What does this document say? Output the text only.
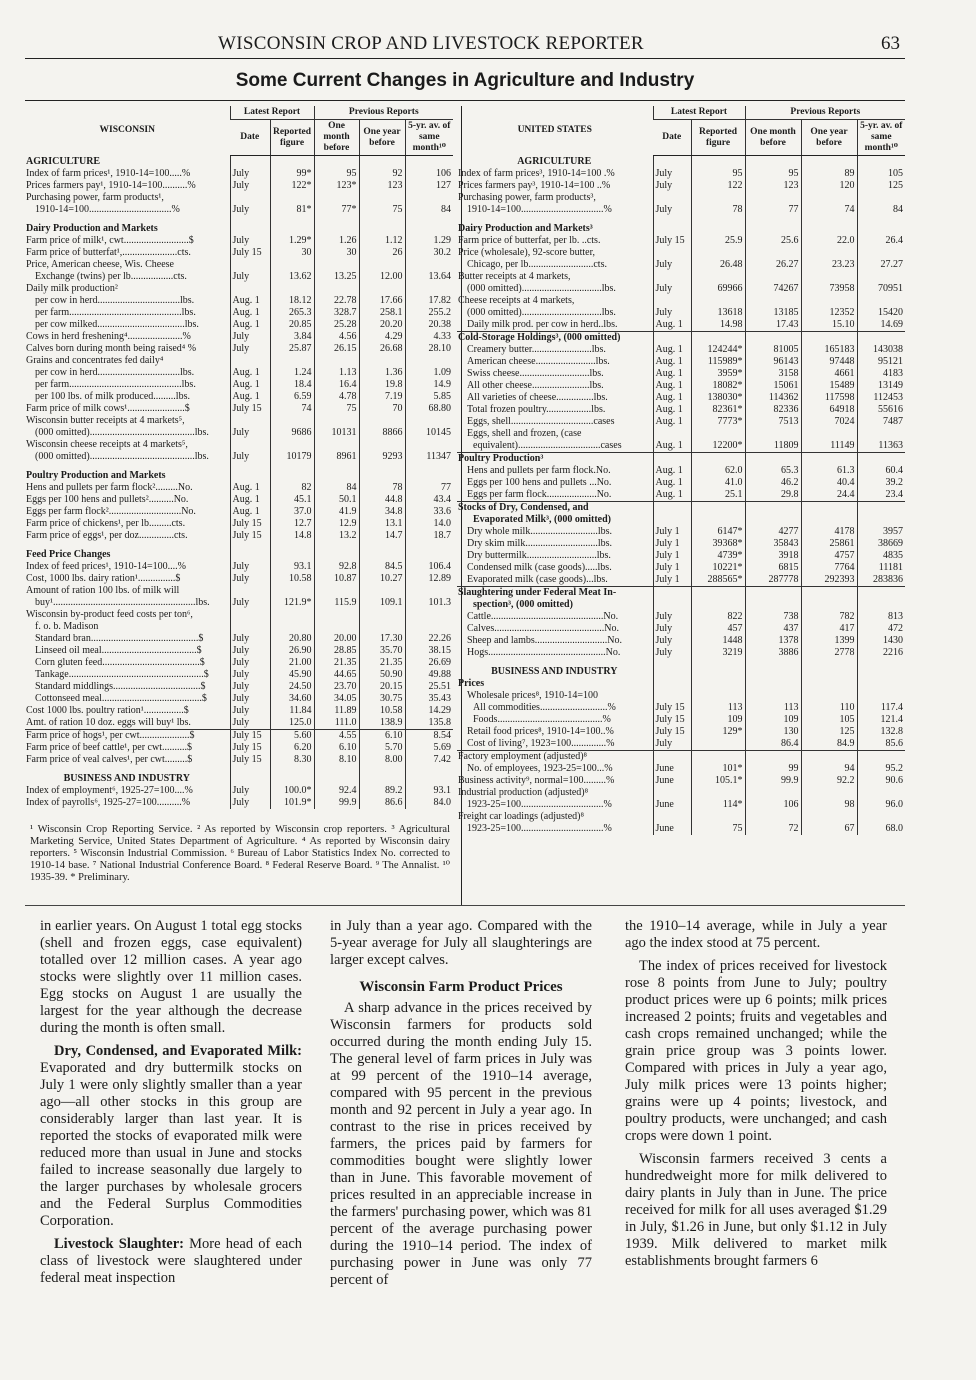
WISCONSIN CROP AND LIVESTOCK REPORTER	63
Some Current Changes in Agriculture and Industry
WISCONSIN	Latest Report		Previous Reports		
	Date	Reported figure	One month before	One year before	5-yr. av. of same month¹⁰
AGRICULTURE					
Index of farm prices¹, 1910-14=100.....%	July	99*	95	92	106
Prices farmers pay¹, 1910-14=100..........%	July	122*	123*	123	127
Purchasing power, farm products¹,					
1910-14=100.................................%	July	81*	77*	75	84

Dairy Production and Markets					
Farm price of milk¹, cwt..........................$	July	1.29*	1.26	1.12	1.29
Farm price of butterfat¹,......................cts.	July 15	30	30	26	30.2
Price, American cheese, Wis. Cheese					
Exchange (twins) per lb.................cts.	July	13.62	13.25	12.00	13.64
Daily milk production²					
per cow in herd.................................lbs.	Aug. 1	18.12	22.78	17.66	17.82
per farm.............................................lbs.	Aug. 1	265.3	328.7	258.1	255.2
per cow milked...................................lbs.	Aug. 1	20.85	25.28	20.20	20.38
Cows in herd freshening⁴......................%	July	3.84	4.56	4.29	4.33
Calves born during month being raised⁴ %	July	25.87	26.15	26.68	28.10
Grains and concentrates fed daily⁴					
per cow in herd.................................lbs.	Aug. 1	1.24	1.13	1.36	1.09
per farm.............................................lbs.	Aug. 1	18.4	16.4	19.8	14.9
per 100 lbs. of milk produced.........lbs.	Aug. 1	6.59	4.78	7.19	5.85
Farm price of milk cows¹.......................$	July 15	74	75	70	68.80
Wisconsin butter receipts at 4 markets⁵,					
(000 omitted)..........................................lbs.	July	9686	10131	8866	10145
Wisconsin cheese receipts at 4 markets⁵,					
(000 omitted)..........................................lbs.	July	10179	8961	9293	11347

Poultry Production and Markets					
Hens and pullets per farm flock².........No.	Aug. 1	82	84	78	77
Eggs per 100 hens and pullets²..........No.	Aug. 1	45.1	50.1	44.8	43.4
Eggs per farm flock².............................No.	Aug. 1	37.0	41.9	34.8	33.6
Farm price of chickens¹, per lb.........cts.	July 15	12.7	12.9	13.1	14.0
Farm price of eggs¹, per doz..............cts.	July 15	14.8	13.2	14.7	18.7

Feed Price Changes					
Index of feed prices¹, 1910-14=100....%	July	93.1	92.8	84.5	106.4
Cost, 1000 lbs. dairy ration¹...............$	July	10.58	10.87	10.27	12.89
Amount of ration 100 lbs. of milk will					
buy¹.........................................................lbs.	July	121.9*	115.9	109.1	101.3
Wisconsin by-product feed costs per ton⁶,					
f. o. b. Madison					
Standard bran...........................................$	July	20.80	20.00	17.30	22.26
Linseed oil meal......................................$	July	26.90	28.85	35.70	38.15
Corn gluten feed.......................................$	July	21.00	21.35	21.35	26.69
Tankage......................................................$	July	45.90	44.65	50.90	49.88
Standard middlings...................................$	July	24.50	23.70	20.15	25.51
Cottonseed meal........................................$	July	34.60	34.05	30.75	35.43
Cost 1000 lbs. poultry ration¹................$	July	11.84	11.89	10.58	14.29
Amt. of ration 10 doz. eggs will buy¹ lbs.	July	125.0	111.0	138.9	135.8
Farm price of hogs¹, per cwt....................$	July 15	5.60	4.55	6.10	8.54
Farm price of beef cattle¹, per cwt..........$	July 15	6.20	6.10	5.70	5.69
Farm price of veal calves¹, per cwt.........$	July 15	8.30	8.10	8.00	7.42

BUSINESS AND INDUSTRY					
Index of employment⁶, 1925-27=100....%	July	100.0*	92.4	89.2	93.1
Index of payrolls⁶, 1925-27=100..........%	July	101.9*	99.9	86.6	84.0
UNITED STATES	Latest Report		Previous Reports		
	Date	Reported figure	One month before	One year before	5-yr. av. of same month¹⁰
AGRICULTURE					
Index of farm prices³, 1910-14=100 .%	July	95	95	89	105
Prices farmers pay³, 1910-14=100 ..%	July	122	123	120	125
Purchasing power, farm products³,					
1910-14=100.................................%	July	78	77	74	84

Dairy Production and Markets³					
Farm price of butterfat, per lb. ..cts.	July 15	25.9	25.6	22.0	26.4
Price (wholesale), 92-score butter,					
Chicago, per lb..........................cts.	July	26.48	26.27	23.23	27.27
Butter receipts at 4 markets,					
(000 omitted)................................lbs.	July	69966	74267	73958	70951
Cheese receipts at 4 markets,					
(000 omitted)................................lbs.	July	13618	13185	12352	15420
Daily milk prod. per cow in herd..lbs.	Aug. 1	14.98	17.43	15.10	14.69
Cold-Storage Holdings³, (000 omitted)					
Creamery butter........................lbs.	Aug. 1	124244*	81005	165183	143038
American cheese........................lbs.	Aug. 1	115989*	96143	97448	95121
Swiss cheese............................lbs.	Aug. 1	3959*	3158	4661	4183
All other cheese.......................lbs.	Aug. 1	18082*	15061	15489	13149
All varieties of cheese...............lbs.	Aug. 1	138030*	114362	117598	112453
Total frozen poultry..................lbs.	Aug. 1	82361*	82336	64918	55616
Eggs, shell.................................cases	Aug. 1	7773*	7513	7024	7487
Eggs, shell and frozen, (case					
equivalent).................................cases	Aug. 1	12200*	11809	11149	11363
Poultry Production³					
Hens and pullets per farm flock.No.	Aug. 1	62.0	65.3	61.3	60.4
Eggs per 100 hens and pullets ...No.	Aug. 1	41.0	46.2	40.4	39.2
Eggs per farm flock....................No.	Aug. 1	25.1	29.8	24.4	23.4
Stocks of Dry, Condensed, and					
Evaporated Milk³, (000 omitted)					
Dry whole milk...........................lbs.	July 1	6147*	4277	4178	3957
Dry skim milk.............................lbs.	July 1	39368*	35843	25861	38669
Dry buttermilk............................lbs.	July 1	4739*	3918	4757	4835
Condensed milk (case goods).....lbs.	July 1	10221*	6815	7764	11181
Evaporated milk (case goods)...lbs.	July 1	288565*	287778	292393	283836
Slaughtering under Federal Meat In-					
spection³, (000 omitted)					
Cattle.............................................No.	July	822	738	782	813
Calves............................................No.	July	457	437	417	472
Sheep and lambs.............................No.	July	1448	1378	1399	1430
Hogs...............................................No.	July	3219	3886	2778	2216

BUSINESS AND INDUSTRY					
Prices					
Wholesale prices⁸, 1910-14=100					
All commodities...........................%	July 15	113	113	110	117.4
Foods..........................................%	July 15	109	109	105	121.4
Retail food prices⁸, 1910-14=100..%	July 15	129*	130	125	132.8
Cost of living⁷, 1923=100..............%	July		86.4	84.9	85.6
Factory employment (adjusted)⁸					
No. of employees, 1923-25=100...%	June	101*	99	94	95.2
Business activity⁹, normal=100.........%	June	105.1*	99.9	92.2	90.6
Industrial production (adjusted)⁸					
1923-25=100.................................%	June	114*	106	98	96.0
Freight car loadings (adjusted)⁸					
1923-25=100.................................%	June	75	72	67	68.0
¹ Wisconsin Crop Reporting Service. ² As reported by Wisconsin crop reporters. ³ Agricultural Marketing Service, United States Department of Agriculture. ⁴ As reported by Wisconsin dairy reporters. ⁵ Wisconsin Industrial Commission. ⁶ Bureau of Labor Statistics Index No. corrected to 1910-14 base. ⁷ National Industrial Conference Board. ⁸ Federal Reserve Board. ⁹ The Annalist. ¹⁰ 1935-39. * Preliminary.

in earlier years. On August 1 total egg stocks (shell and frozen eggs, case equivalent) totalled over 12 million cases. A year ago stocks were slightly over 11 million cases. Egg stocks on August 1 are usually the largest for the year although the decrease during the month is often small.

Dry, Condensed, and Evaporated Milk: Evaporated and dry buttermilk stocks on July 1 were only slightly smaller than a year ago—all other stocks in this group are considerably larger than last year. It is reported the stocks of evaporated milk were reduced more than usual in June and stocks failed to increase seasonally due largely to the larger purchases by wholesale grocers and the Federal Surplus Commodities Corporation.

Livestock Slaughter: More head of each class of livestock were slaughtered under federal meat inspection

in July than a year ago. Compared with the 5-year average for July all slaughterings are larger except calves.

Wisconsin Farm Product Prices

A sharp advance in the prices received by Wisconsin farmers for products sold occurred during the month ending July 15. The general level of farm prices in July was at 99 percent of the 1910–14 average, compared with 95 percent in the previous month and 92 percent in July a year ago. In contrast to the rise in prices received by farmers, the prices paid by farmers for commodities bought were slightly lower than in June. This favorable movement of prices resulted in an appreciable increase in the farmers' purchasing power, which was 81 percent of the average purchasing power during the 1910–14 period. The index of purchasing power in June was only 77 percent of

the 1910–14 average, while in July a year ago the index stood at 75 percent.

The index of prices received for livestock rose 8 points from June to July; poultry product prices were up 6 points; milk prices increased 2 points; fruits and vegetables and cash crops remained unchanged; while the grain price group was 3 points lower. Compared with prices in July a year ago, July milk prices were 13 points higher; grains were up 4 points; livestock, and poultry products, were unchanged; and cash crops were down 1 point.

Wisconsin farmers received 3 cents a hundredweight more for milk delivered to dairy plants in July than in June. The price received for milk for all uses averaged $1.29 in July, $1.26 in June, but only $1.12 in July 1939. Milk delivered to market milk establishments brought farmers 6
